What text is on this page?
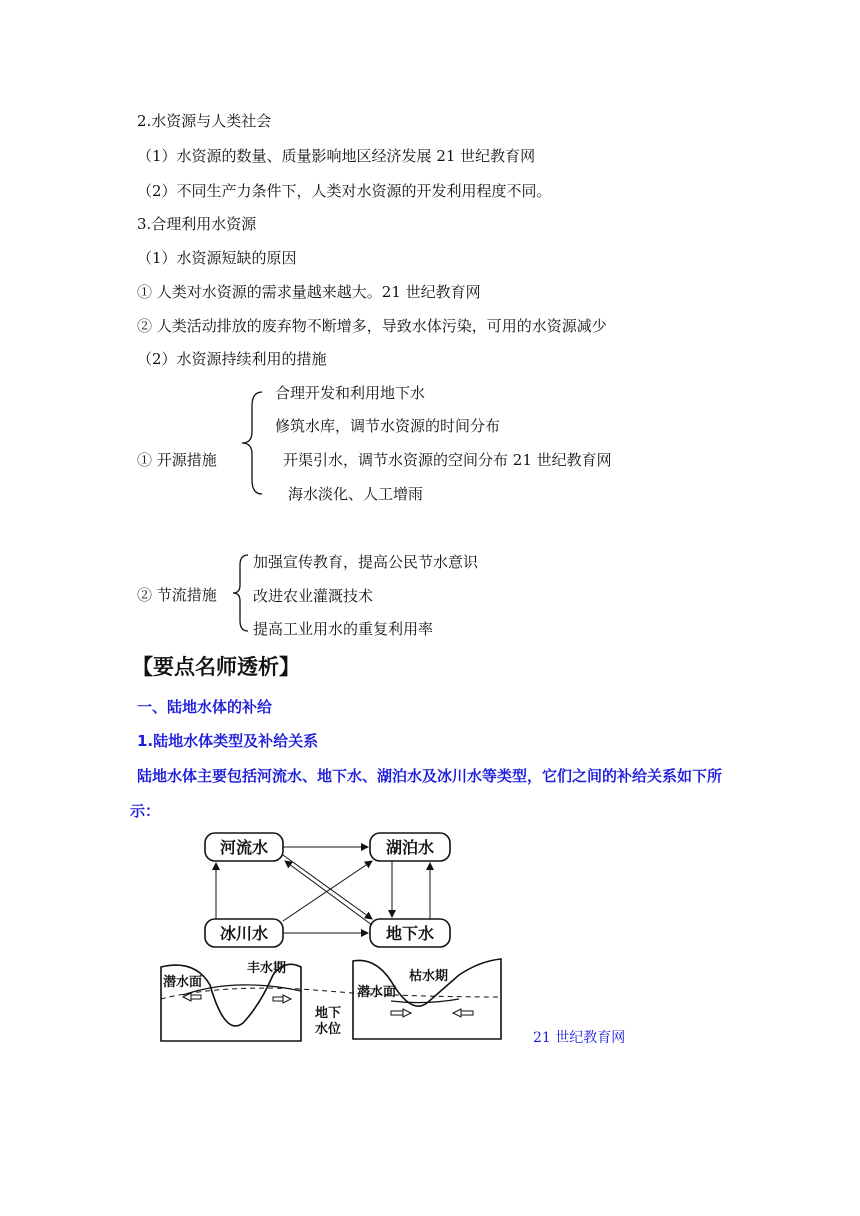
2.水资源与人类社会
（1）水资源的数量、质量影响地区经济发展 21 世纪教育网
（2）不同生产力条件下，人类对水资源的开发利用程度不同。
3.合理利用水资源
（1）水资源短缺的原因
① 人类对水资源的需求量越来越大。21 世纪教育网
② 人类活动排放的废弃物不断增多，导致水体污染，可用的水资源减少
（2）水资源持续利用的措施
① 开源措施
合理开发和利用地下水
修筑水库，调节水资源的时间分布
开渠引水，调节水资源的空间分布 21 世纪教育网
海水淡化、人工增雨
② 节流措施
加强宣传教育，提高公民节水意识
改进农业灌溉技术
提高工业用水的重复利用率
【要点名师透析】
一、陆地水体的补给
1.陆地水体类型及补给关系
陆地水体主要包括河流水、地下水、湖泊水及冰川水等类型，它们之间的补给关系如下所
示：
河流水	湖泊水
冰川水	地下水
丰水期
潜水面	枯水期
潜水面
地下
水位
21 世纪教育网
